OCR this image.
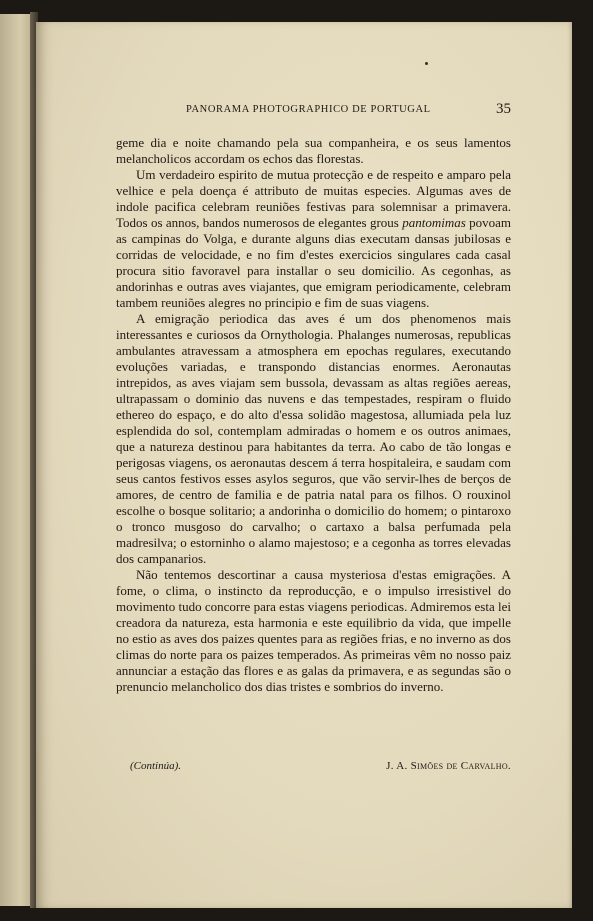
PANORAMA PHOTOGRAPHICO DE PORTUGAL	35

geme dia e noite chamando pela sua companheira, e os seus lamentos melancholicos accordam os echos das florestas.

Um verdadeiro espirito de mutua protecção e de respeito e amparo pela velhice e pela doença é attributo de muitas especies. Algumas aves de indole pacifica celebram reuniões festivas para solemnisar a primavera. Todos os annos, bandos numerosos de elegantes grous pantomimas povoam as campinas do Volga, e durante alguns dias executam dansas jubilosas e corridas de velocidade, e no fim d'estes exercicios singulares cada casal procura sitio favoravel para installar o seu domicilio. As cegonhas, as andorinhas e outras aves viajantes, que emigram periodicamente, celebram tambem reuniões alegres no principio e fim de suas viagens.

A emigração periodica das aves é um dos phenomenos mais interessantes e curiosos da Ornythologia. Phalanges numerosas, republicas ambulantes atravessam a atmosphera em epochas regulares, executando evoluções variadas, e transpondo distancias enormes. Aeronautas intrepidos, as aves viajam sem bussola, devassam as altas regiões aereas, ultrapassam o dominio das nuvens e das tempestades, respiram o fluido ethereo do espaço, e do alto d'essa solidão magestosa, allumiada pela luz esplendida do sol, contemplam admiradas o homem e os outros animaes, que a natureza destinou para habitantes da terra. Ao cabo de tão longas e perigosas viagens, os aeronautas descem á terra hospitaleira, e saudam com seus cantos festivos esses asylos seguros, que vão servir-lhes de berços de amores, de centro de familia e de patria natal para os filhos. O rouxinol escolhe o bosque solitario; a andorinha o domicilio do homem; o pintaroxo o tronco musgoso do carvalho; o cartaxo a balsa perfumada pela madresilva; o estorninho o alamo majestoso; e a cegonha as torres elevadas dos campanarios.

Não tentemos descortinar a causa mysteriosa d'estas emigrações. A fome, o clima, o instincto da reproducção, e o impulso irresistivel do movimento tudo concorre para estas viagens periodicas. Admiremos esta lei creadora da natureza, esta harmonia e este equilibrio da vida, que impelle no estio as aves dos paizes quentes para as regiões frias, e no inverno as dos climas do norte para os paizes temperados. As primeiras vêm no nosso paiz annunciar a estação das flores e as galas da primavera, e as segundas são o prenuncio melancholico dos dias tristes e sombrios do inverno.

(Continúa).	J. A. Simões de Carvalho.
